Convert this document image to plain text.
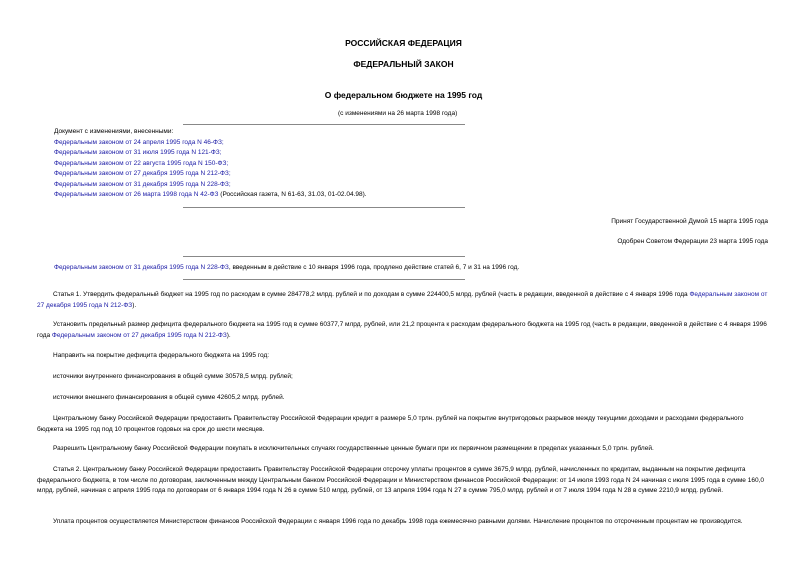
РОССИЙСКАЯ ФЕДЕРАЦИЯ
ФЕДЕРАЛЬНЫЙ ЗАКОН
О федеральном бюджете на 1995 год
(с изменениями на 26 марта 1998 года)
Документ с изменениями, внесенными:
Федеральным законом от 24 апреля 1995 года N 46-ФЗ;
Федеральным законом от 31 июля 1995 года N 121-ФЗ;
Федеральным законом от 22 августа 1995 года N 150-ФЗ;
Федеральным законом от 27 декабря 1995 года N 212-ФЗ;
Федеральным законом от 31 декабря 1995 года N 228-ФЗ;
Федеральным законом от 26 марта 1998 года N 42-ФЗ (Российская газета, N 61-63, 31.03, 01-02.04.98).
Принят Государственной Думой 15 марта 1995 года
Одобрен Советом Федерации 23 марта 1995 года
Федеральным законом от 31 декабря 1995 года N 228-ФЗ, введенным в действие с 10 января 1996 года, продлено действие статей 6, 7 и 31 на 1996 год.
Статья 1. Утвердить федеральный бюджет на 1995 год по расходам в сумме 284778,2 млрд. рублей и по доходам в сумме 224400,5 млрд. рублей (часть в редакции, введенной в действие с 4 января 1996 года Федеральным законом от 27 декабря 1995 года N 212-ФЗ).
Установить предельный размер дефицита федерального бюджета на 1995 год в сумме 60377,7 млрд. рублей, или 21,2 процента к расходам федерального бюджета на 1995 год (часть в редакции, введенной в действие с 4 января 1996 года Федеральным законом от 27 декабря 1995 года N 212-ФЗ).
Направить на покрытие дефицита федерального бюджета на 1995 год:
источники внутреннего финансирования в общей сумме 30578,5 млрд. рублей;
источники внешнего финансирования в общей сумме 42605,2 млрд. рублей.
Центральному банку Российской Федерации предоставить Правительству Российской Федерации кредит в размере 5,0 трлн. рублей на покрытие внутригодовых разрывов между текущими доходами и расходами федерального бюджета на 1995 год под 10 процентов годовых на срок до шести месяцев.
Разрешить Центральному банку Российской Федерации покупать в исключительных случаях государственные ценные бумаги при их первичном размещении в пределах указанных 5,0 трлн. рублей.
Статья 2. Центральному банку Российской Федерации предоставить Правительству Российской Федерации отсрочку уплаты процентов в сумме 3675,9 млрд. рублей, начисленных по кредитам, выданным на покрытие дефицита федерального бюджета, в том числе по договорам, заключенным между Центральным банком Российской Федерации и Министерством финансов Российской Федерации: от 14 июля 1993 года N 24 начиная с июля 1995 года в сумме 160,0 млрд. рублей, начиная с апреля 1995 года по договорам от 6 января 1994 года N 26 в сумме 510 млрд. рублей, от 13 апреля 1994 года N 27 в сумме 795,0 млрд. рублей и от 7 июля 1994 года N 28 в сумме 2210,9 млрд. рублей.
Уплата процентов осуществляется Министерством финансов Российской Федерации с января 1996 года по декабрь 1998 года ежемесячно равными долями. Начисление процентов по отсроченным процентам не производится.
